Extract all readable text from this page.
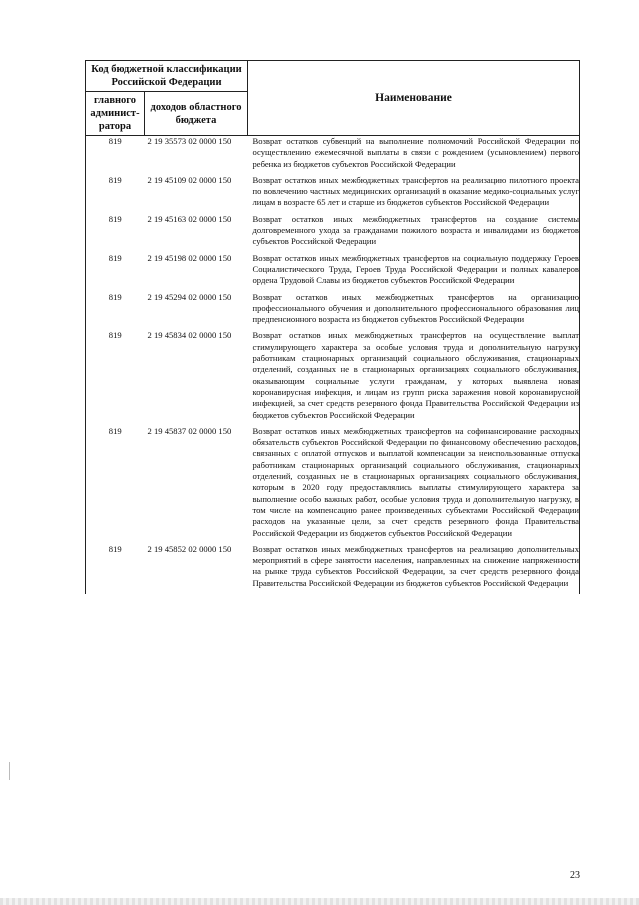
Код бюджетной классификации Российской Федерации		Наименование
главного админист-ратора	доходов областного бюджета	
819	2 19 35573 02 0000 150	Возврат остатков субвенций на выполнение полномочий Российской Федерации по осуществлению ежемесячной выплаты в связи с рождением (усыновлением) первого ребенка из бюджетов субъектов Российской Федерации
819	2 19 45109 02 0000 150	Возврат остатков иных межбюджетных трансфертов на реализацию пилотного проекта по вовлечению частных медицинских организаций в оказание медико-социальных услуг лицам в возрасте 65 лет и старше из бюджетов субъектов Российской Федерации
819	2 19 45163 02 0000 150	Возврат остатков иных межбюджетных трансфертов на создание системы долговременного ухода за гражданами пожилого возраста и инвалидами из бюджетов субъектов Российской Федерации
819	2 19 45198 02 0000 150	Возврат остатков иных межбюджетных трансфертов на социальную поддержку Героев Социалистического Труда, Героев Труда Российской Федерации и полных кавалеров ордена Трудовой Славы из бюджетов субъектов Российской Федерации
819	2 19 45294 02 0000 150	Возврат остатков иных межбюджетных трансфертов на организацию профессионального обучения и дополнительного профессионального образования лиц предпенсионного возраста из бюджетов субъектов Российской Федерации
819	2 19 45834 02 0000 150	Возврат остатков иных межбюджетных трансфертов на осуществление выплат стимулирующего характера за особые условия труда и дополнительную нагрузку работникам стационарных организаций социального обслуживания, стационарных отделений, созданных не в стационарных организациях социального обслуживания, оказывающим социальные услуги гражданам, у которых выявлена новая коронавирусная инфекция, и лицам из групп риска заражения новой коронавирусной инфекцией, за счет средств резервного фонда Правительства Российской Федерации из бюджетов субъектов Российской Федерации
819	2 19 45837 02 0000 150	Возврат остатков иных межбюджетных трансфертов на софинансирование расходных обязательств субъектов Российской Федерации по финансовому обеспечению расходов, связанных с оплатой отпусков и выплатой компенсации за неиспользованные отпуска работникам стационарных организаций социального обслуживания, стационарных отделений, созданных не в стационарных организациях социального обслуживания, которым в 2020 году предоставлялись выплаты стимулирующего характера за выполнение особо важных работ, особые условия труда и дополнительную нагрузку, в том числе на компенсацию ранее произведенных субъектами Российской Федерации расходов на указанные цели, за счет средств резервного фонда Правительства Российской Федерации из бюджетов субъектов Российской Федерации
819	2 19 45852 02 0000 150	Возврат остатков иных межбюджетных трансфертов на реализацию дополнительных мероприятий в сфере занятости населения, направленных на снижение напряженности на рынке труда субъектов Российской Федерации, за счет средств резервного фонда Правительства Российской Федерации из бюджетов субъектов Российской Федерации
23
